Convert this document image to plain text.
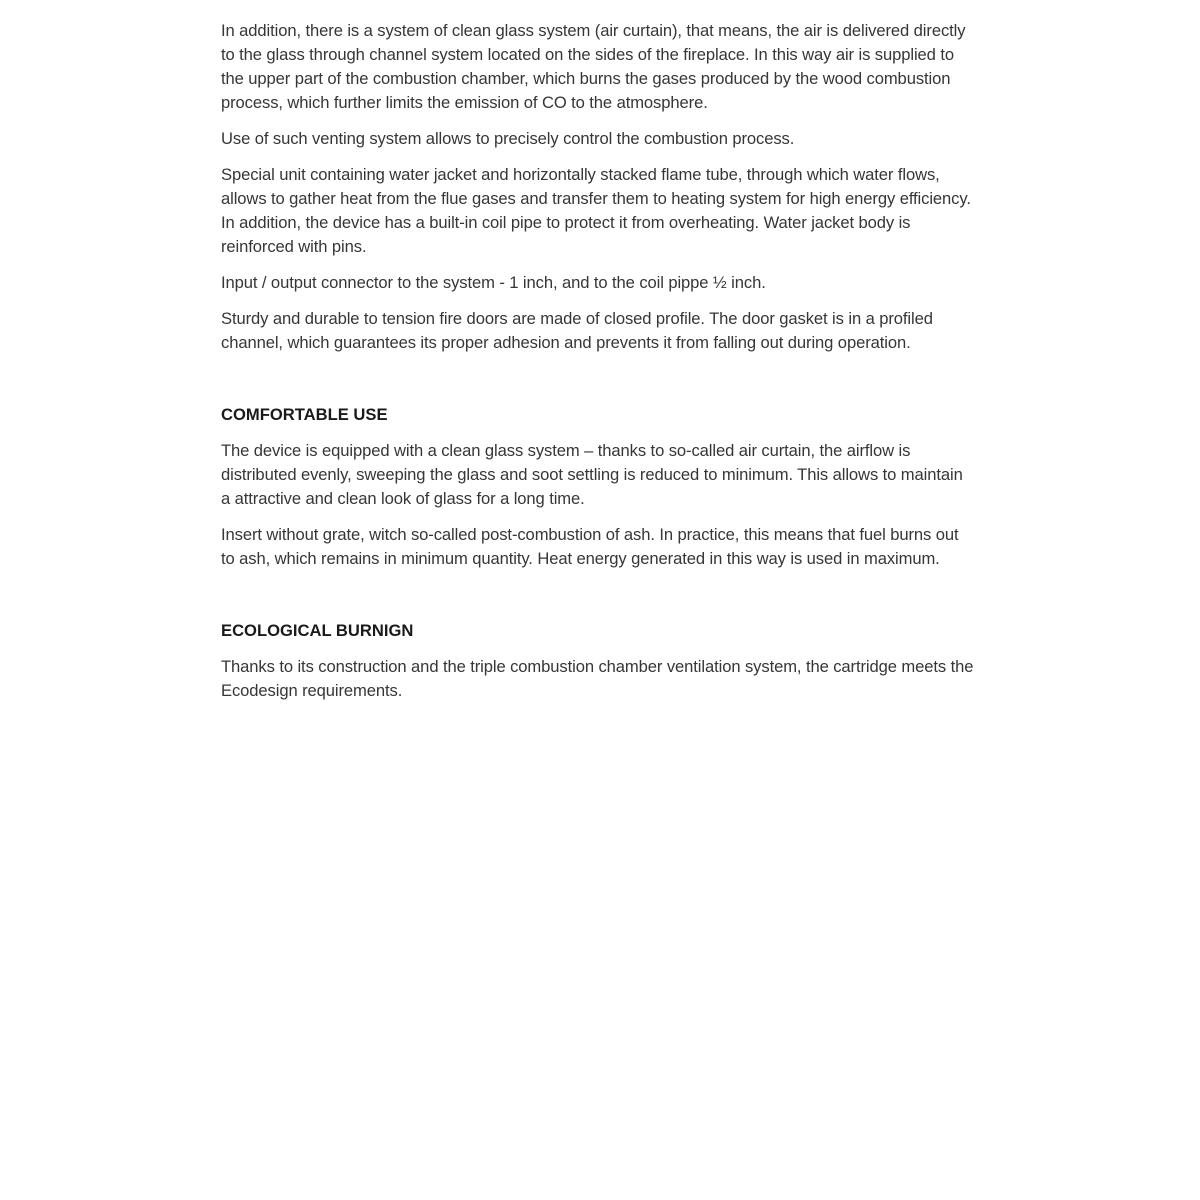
In addition, there is a system of clean glass system (air curtain), that means, the air is delivered directly to the glass through channel system located on the sides of the fireplace. In this way air is supplied to the upper part of the combustion chamber, which burns the gases produced by the wood combustion process, which further limits the emission of CO to the atmosphere.

Use of such venting system allows to precisely control the combustion process.

Special unit containing water jacket and horizontally stacked flame tube, through which water flows, allows to gather heat from the flue gases and transfer them to heating system for high energy efficiency. In addition, the device has a built-in coil pipe to protect it from overheating. Water jacket body is reinforced with pins.

Input / output connector to the system - 1 inch, and to the coil pippe ½ inch.

Sturdy and durable to tension fire doors are made of closed profile. The door gasket is in a profiled channel, which guarantees its proper adhesion and prevents it from falling out during operation.

COMFORTABLE USE

The device is equipped with a clean glass system – thanks to so-called air curtain, the airflow is distributed evenly, sweeping the glass and soot settling is reduced to minimum. This allows to maintain a attractive and clean look of glass for a long time.

Insert without grate, witch so-called post-combustion of ash. In practice, this means that fuel burns out to ash, which remains in minimum quantity. Heat energy generated in this way is used in maximum.

ECOLOGICAL BURNIGN

Thanks to its construction and the triple combustion chamber ventilation system, the cartridge meets the Ecodesign requirements.
